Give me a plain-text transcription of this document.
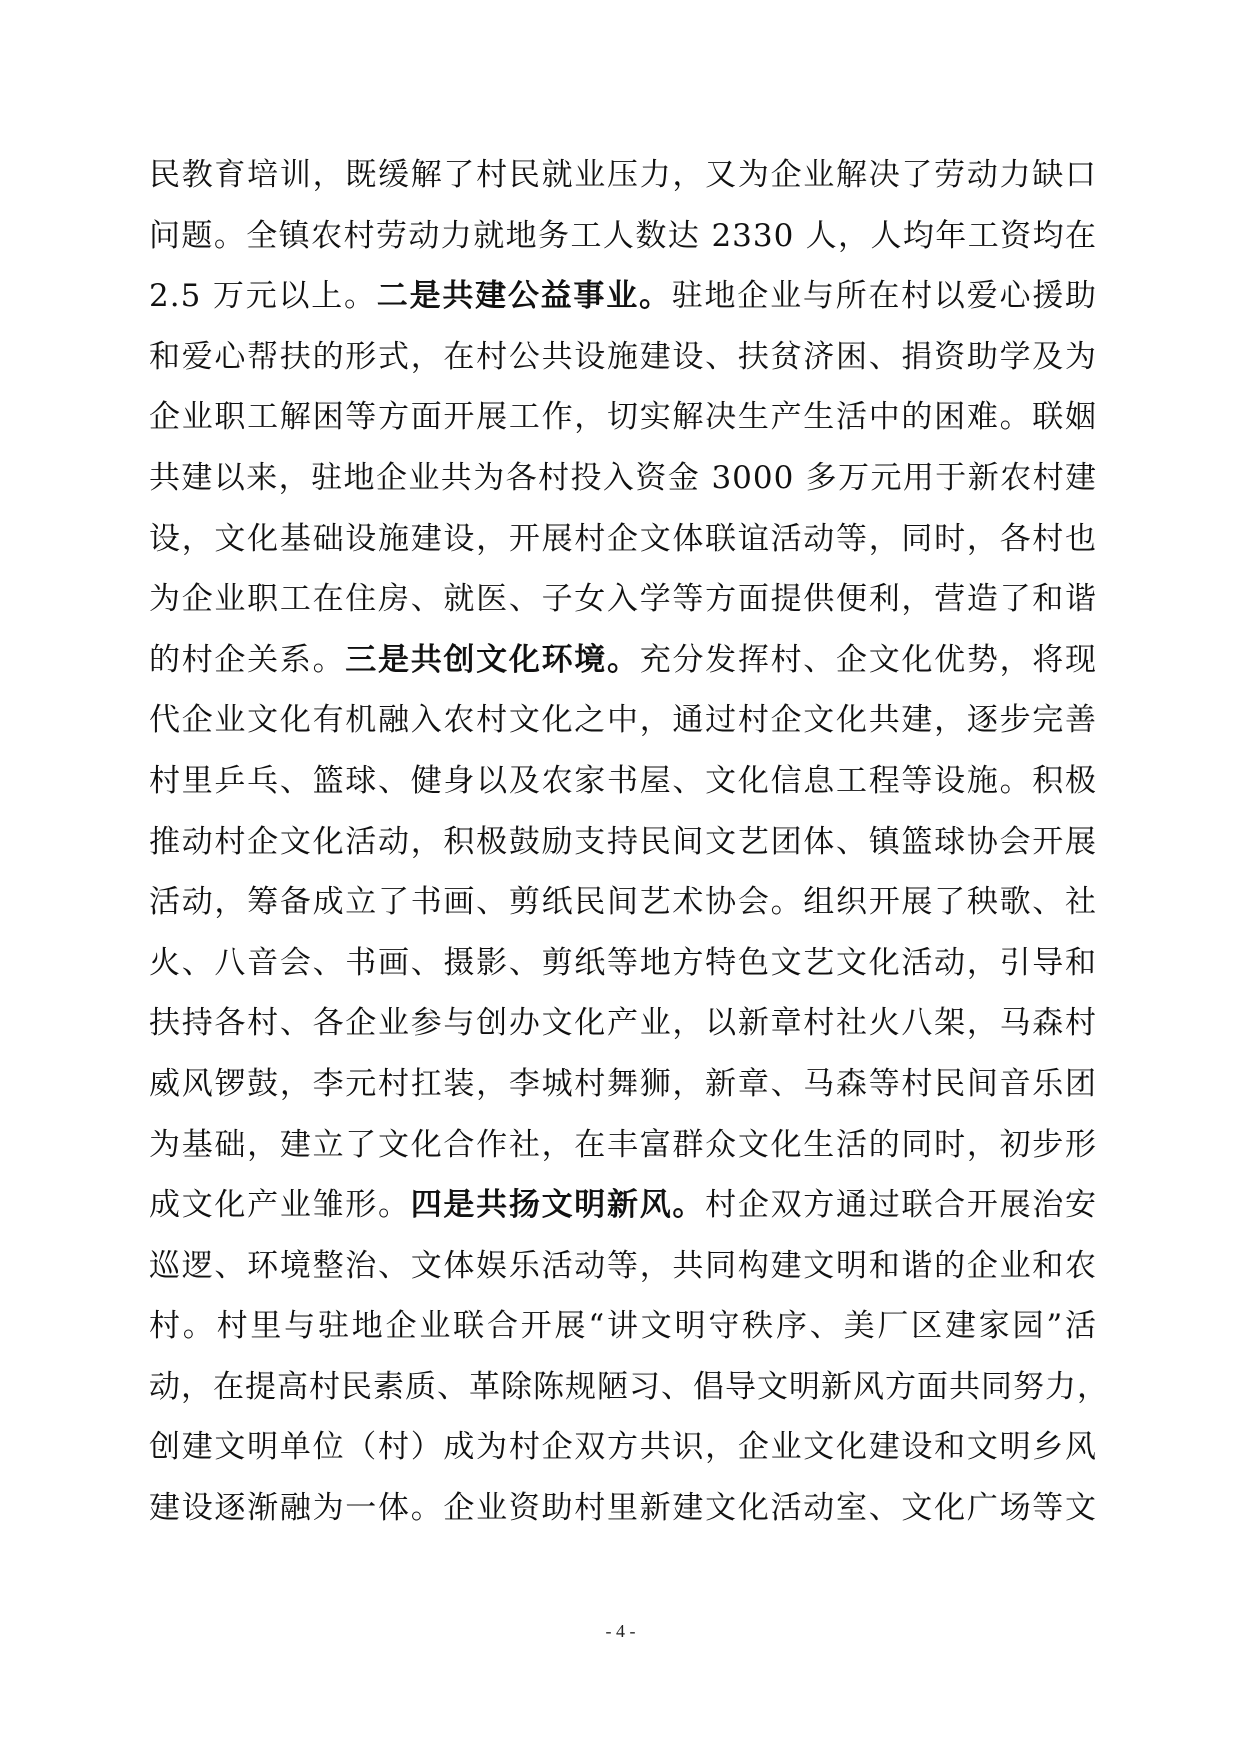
民教育培训，既缓解了村民就业压力，又为企业解决了劳动力缺口
问题。全镇农村劳动力就地务工人数达 2330 人，人均年工资均在
2.5 万元以上。二是共建公益事业。驻地企业与所在村以爱心援助
和爱心帮扶的形式，在村公共设施建设、扶贫济困、捐资助学及为
企业职工解困等方面开展工作，切实解决生产生活中的困难。联姻
共建以来，驻地企业共为各村投入资金 3000 多万元用于新农村建
设，文化基础设施建设，开展村企文体联谊活动等，同时，各村也
为企业职工在住房、就医、子女入学等方面提供便利，营造了和谐
的村企关系。三是共创文化环境。充分发挥村、企文化优势，将现
代企业文化有机融入农村文化之中，通过村企文化共建，逐步完善
村里乒乓、篮球、健身以及农家书屋、文化信息工程等设施。积极
推动村企文化活动，积极鼓励支持民间文艺团体、镇篮球协会开展
活动，筹备成立了书画、剪纸民间艺术协会。组织开展了秧歌、社
火、八音会、书画、摄影、剪纸等地方特色文艺文化活动，引导和
扶持各村、各企业参与创办文化产业，以新章村社火八架，马森村
威风锣鼓，李元村扛装，李城村舞狮，新章、马森等村民间音乐团
为基础，建立了文化合作社，在丰富群众文化生活的同时，初步形
成文化产业雏形。四是共扬文明新风。村企双方通过联合开展治安
巡逻、环境整治、文体娱乐活动等，共同构建文明和谐的企业和农
村。村里与驻地企业联合开展“讲文明守秩序、美厂区建家园”活
动，在提高村民素质、革除陈规陋习、倡导文明新风方面共同努力，
创建文明单位（村）成为村企双方共识，企业文化建设和文明乡风
建设逐渐融为一体。企业资助村里新建文化活动室、文化广场等文
- 4 -
